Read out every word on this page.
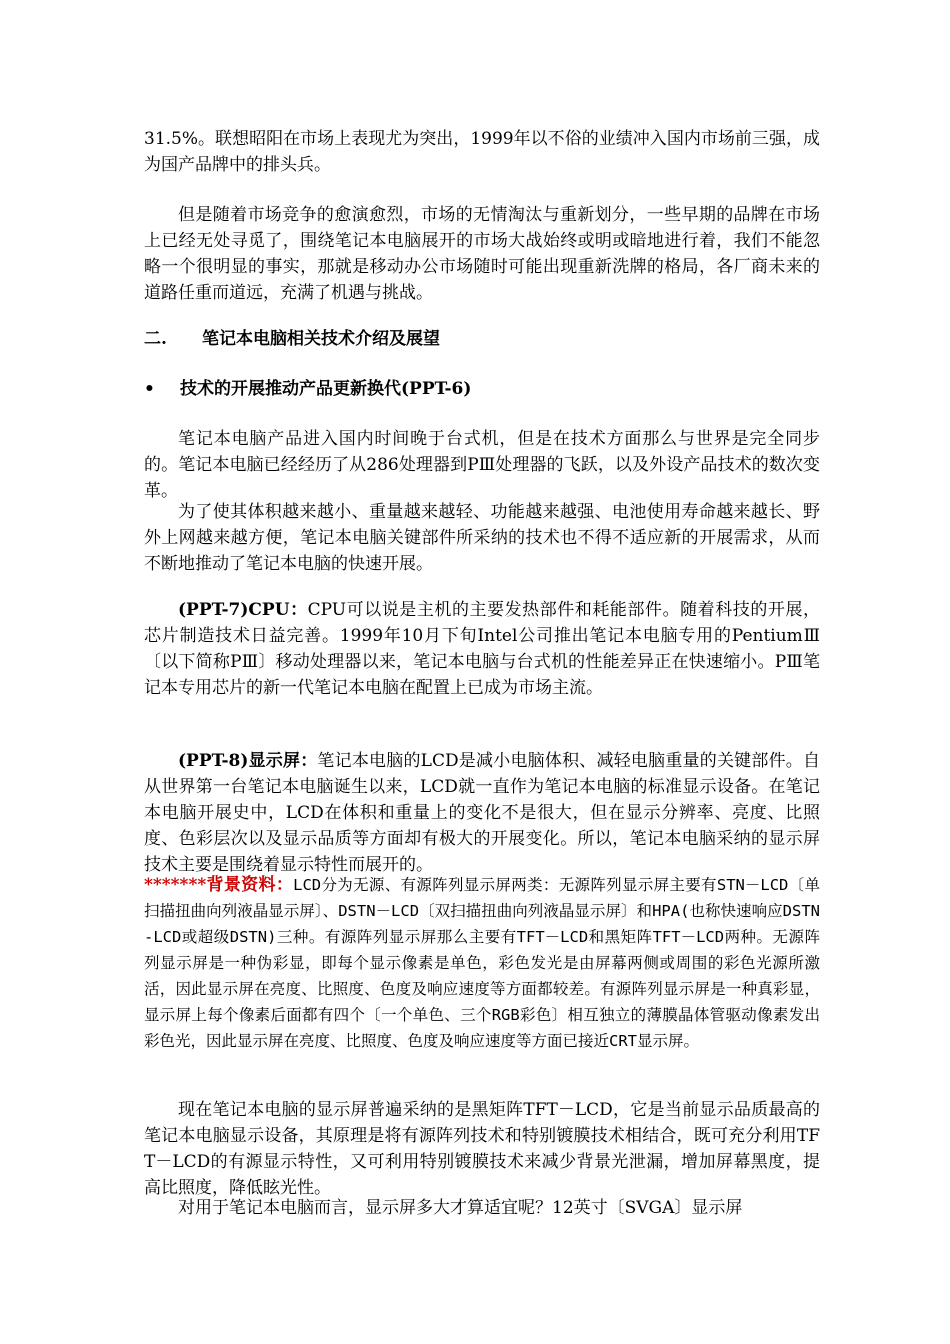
31.5%。联想昭阳在市场上表现尤为突出，1999年以不俗的业绩冲入国内市场前三强，成为国产品牌中的排头兵。

但是随着市场竞争的愈演愈烈，市场的无情淘汰与重新划分，一些早期的品牌在市场上已经无处寻觅了，围绕笔记本电脑展开的市场大战始终或明或暗地进行着，我们不能忽略一个很明显的事实，那就是移动办公市场随时可能出现重新洗牌的格局，各厂商未来的道路任重而道远，充满了机遇与挑战。

二. 笔记本电脑相关技术介绍及展望
• 技术的开展推动产品更新换代(PPT-6)

笔记本电脑产品进入国内时间晚于台式机，但是在技术方面那么与世界是完全同步的。笔记本电脑已经经历了从286处理器到PⅢ处理器的飞跃，以及外设产品技术的数次变革。

为了使其体积越来越小、重量越来越轻、功能越来越强、电池使用寿命越来越长、野外上网越来越方便，笔记本电脑关键部件所采纳的技术也不得不适应新的开展需求，从而不断地推动了笔记本电脑的快速开展。

(PPT-7)CPU：CPU可以说是主机的主要发热部件和耗能部件。随着科技的开展，芯片制造技术日益完善。1999年10月下旬Intel公司推出笔记本电脑专用的PentiumⅢ〔以下简称PⅢ〕移动处理器以来，笔记本电脑与台式机的性能差异正在快速缩小。PⅢ笔记本专用芯片的新一代笔记本电脑在配置上已成为市场主流。

(PPT-8)显示屏：笔记本电脑的LCD是减小电脑体积、减轻电脑重量的关键部件。自从世界第一台笔记本电脑诞生以来，LCD就一直作为笔记本电脑的标准显示设备。在笔记本电脑开展史中，LCD在体积和重量上的变化不是很大，但在显示分辨率、亮度、比照度、色彩层次以及显示品质等方面却有极大的开展变化。所以，笔记本电脑采纳的显示屏技术主要是围绕着显示特性而展开的。

*******背景资料：LCD分为无源、有源阵列显示屏两类：无源阵列显示屏主要有STN－LCD〔单扫描扭曲向列液晶显示屏〕、DSTN－LCD〔双扫描扭曲向列液晶显示屏〕和HPA(也称快速响应DSTN-LCD或超级DSTN)三种。有源阵列显示屏那么主要有TFT－LCD和黑矩阵TFT－LCD两种。无源阵列显示屏是一种伪彩显，即每个显示像素是单色，彩色发光是由屏幕两侧或周围的彩色光源所激活，因此显示屏在亮度、比照度、色度及响应速度等方面都较差。有源阵列显示屏是一种真彩显，显示屏上每个像素后面都有四个〔一个单色、三个RGB彩色〕相互独立的薄膜晶体管驱动像素发出彩色光，因此显示屏在亮度、比照度、色度及响应速度等方面已接近CRT显示屏。

现在笔记本电脑的显示屏普遍采纳的是黑矩阵TFT－LCD，它是当前显示品质最高的笔记本电脑显示设备，其原理是将有源阵列技术和特别镀膜技术相结合，既可充分利用TFT－LCD的有源显示特性，又可利用特别镀膜技术来减少背景光泄漏，增加屏幕黑度，提高比照度，降低眩光性。

对用于笔记本电脑而言，显示屏多大才算适宜呢？12英寸〔SVGA〕显示屏
